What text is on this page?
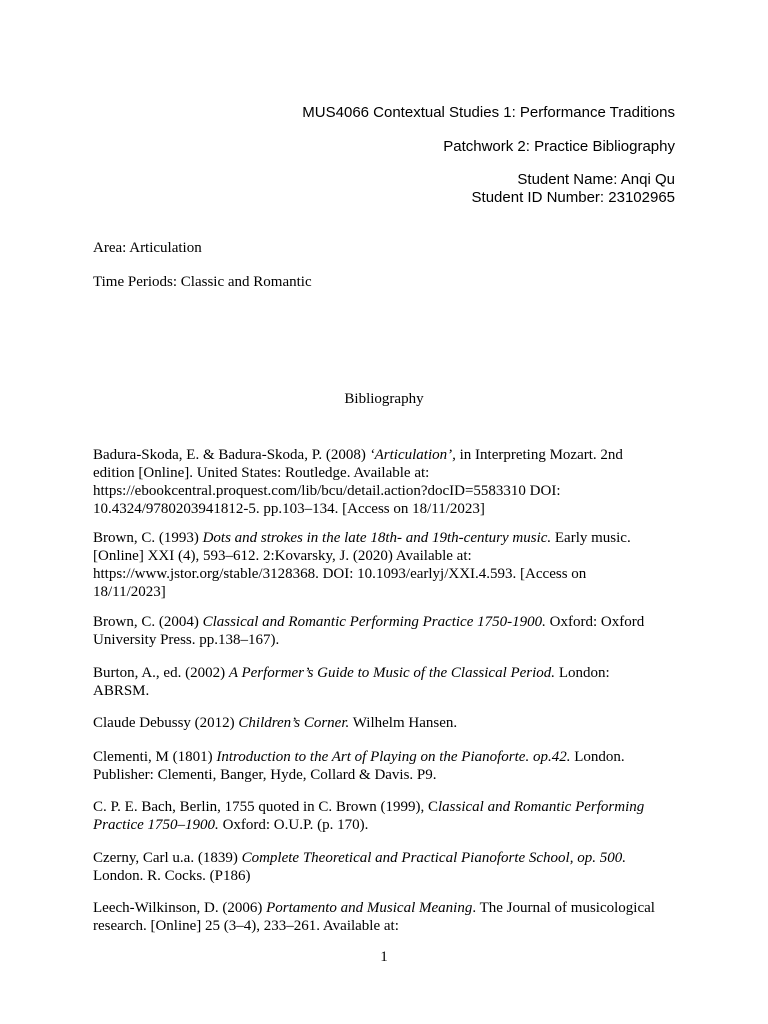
MUS4066 Contextual Studies 1: Performance Traditions
Patchwork 2: Practice Bibliography
Student Name: Anqi Qu
Student ID Number: 23102965
Area: Articulation
Time Periods: Classic and Romantic
Bibliography
Badura-Skoda, E. & Badura-Skoda, P. (2008) ‘Articulation’, in Interpreting Mozart. 2nd
edition [Online]. United States: Routledge. Available at:
https://ebookcentral.proquest.com/lib/bcu/detail.action?docID=5583310 DOI:
10.4324/9780203941812-5. pp.103–134. [Access on 18/11/2023]
Brown, C. (1993) Dots and strokes in the late 18th- and 19th-century music. Early music.
[Online] XXI (4), 593–612. 2:Kovarsky, J. (2020) Available at:
https://www.jstor.org/stable/3128368. DOI: 10.1093/earlyj/XXI.4.593. [Access on
18/11/2023]
Brown, C. (2004) Classical and Romantic Performing Practice 1750-1900. Oxford: Oxford
University Press. pp.138–167).
Burton, A., ed. (2002) A Performer’s Guide to Music of the Classical Period. London:
ABRSM.
Claude Debussy (2012) Children’s Corner. Wilhelm Hansen.
Clementi, M (1801) Introduction to the Art of Playing on the Pianoforte. op.42. London.
Publisher: Clementi, Banger, Hyde, Collard & Davis. P9.
C. P. E. Bach, Berlin, 1755 quoted in C. Brown (1999), Classical and Romantic Performing
Practice 1750–1900. Oxford: O.U.P. (p. 170).
Czerny, Carl u.a. (1839) Complete Theoretical and Practical Pianoforte School, op. 500.
London. R. Cocks. (P186)
Leech-Wilkinson, D. (2006) Portamento and Musical Meaning. The Journal of musicological
research. [Online] 25 (3–4), 233–261. Available at:
1
